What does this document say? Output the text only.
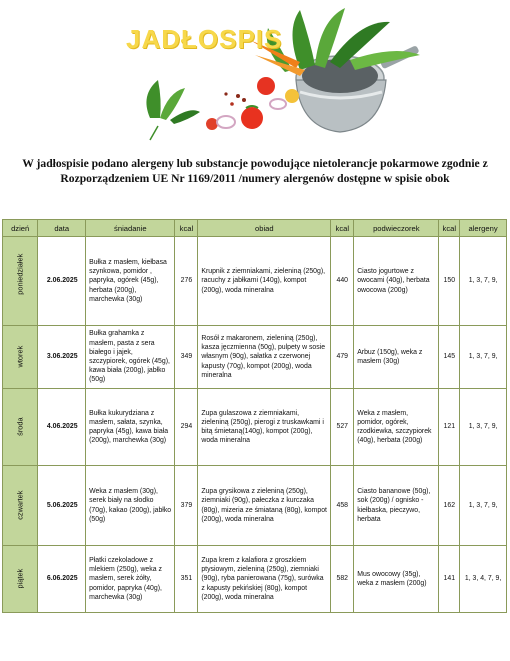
JADŁOSPIS
W jadłospisie podano alergeny lub substancje powodujące nietolerancje pokarmowe zgodnie z
Rozporządzeniem UE Nr 1169/2011 /numery alergenów dostępne w spisie obok
dzień	data	śniadanie	kcal	obiad	kcal	podwieczorek	kcal	alergeny

poniedziałek	2.06.2025	Bułka z masłem, kiełbasa szynkowa, pomidor , papryka, ogórek (45g), herbata (200g), marchewka (30g)	276	Krupnik z ziemniakami, zieleniną (250g), racuchy z jabłkami (140g), kompot (200g), woda mineralna	440	Ciasto jogurtowe z owocami (40g), herbata owocowa (200g)	150	1, 3, 7, 9,

wtorek	3.06.2025	Bułka grahamka z masłem, pasta z sera białego i jajek, szczypiorek, ogórek (45g), kawa biała (200g), jabłko (50g)	349	Rosół z makaronem, zieleniną (250g), kasza jęczmienna (50g), pulpety w sosie własnym (90g), sałatka z czerwonej kapusty (70g), kompot (200g), woda mineralna	479	Arbuz (150g), weka z masłem (30g)	145	1, 3, 7, 9,

środa	4.06.2025	Bułka kukurydziana z masłem, sałata, szynka, papryka (45g), kawa biała (200g), marchewka (30g)	294	Zupa gulaszowa z ziemniakami, zieleniną (250g), pierogi z truskawkami i bitą śmietaną(140g), kompot (200g), woda mineralna	527	Weka z masłem, pomidor, ogórek, rzodkiewka, szczypiorek (40g), herbata (200g)	121	1, 3, 7, 9,

czwartek	5.06.2025	Weka z masłem (30g), serek biały na słodko (70g), kakao (200g), jabłko (50g)	379	Zupa grysikowa z zieleniną (250g), ziemniaki (90g), pałeczka z kurczaka (80g), mizeria ze śmiataną (80g), kompot (200g), woda mineralna	458	Ciasto bananowe (50g), sok (200g) / ognisko - kiełbaska, pieczywo, herbata	162	1, 3, 7, 9,

piątek	6.06.2025	Płatki czekoladowe z mlekiem (250g), weka z masłem, serek żółty, pomidor, papryka (40g), marchewka (30g)	351	Zupa krem z kalafiora z groszkiem ptysiowym, zieleniną (250g), ziemniaki (90g), ryba panierowana (75g), surówka z kapusty pekińskiej (80g), kompot (200g), woda mineralna	582	Mus owocowy (35g), weka z masłem (200g)	141	1, 3, 4, 7, 9,
